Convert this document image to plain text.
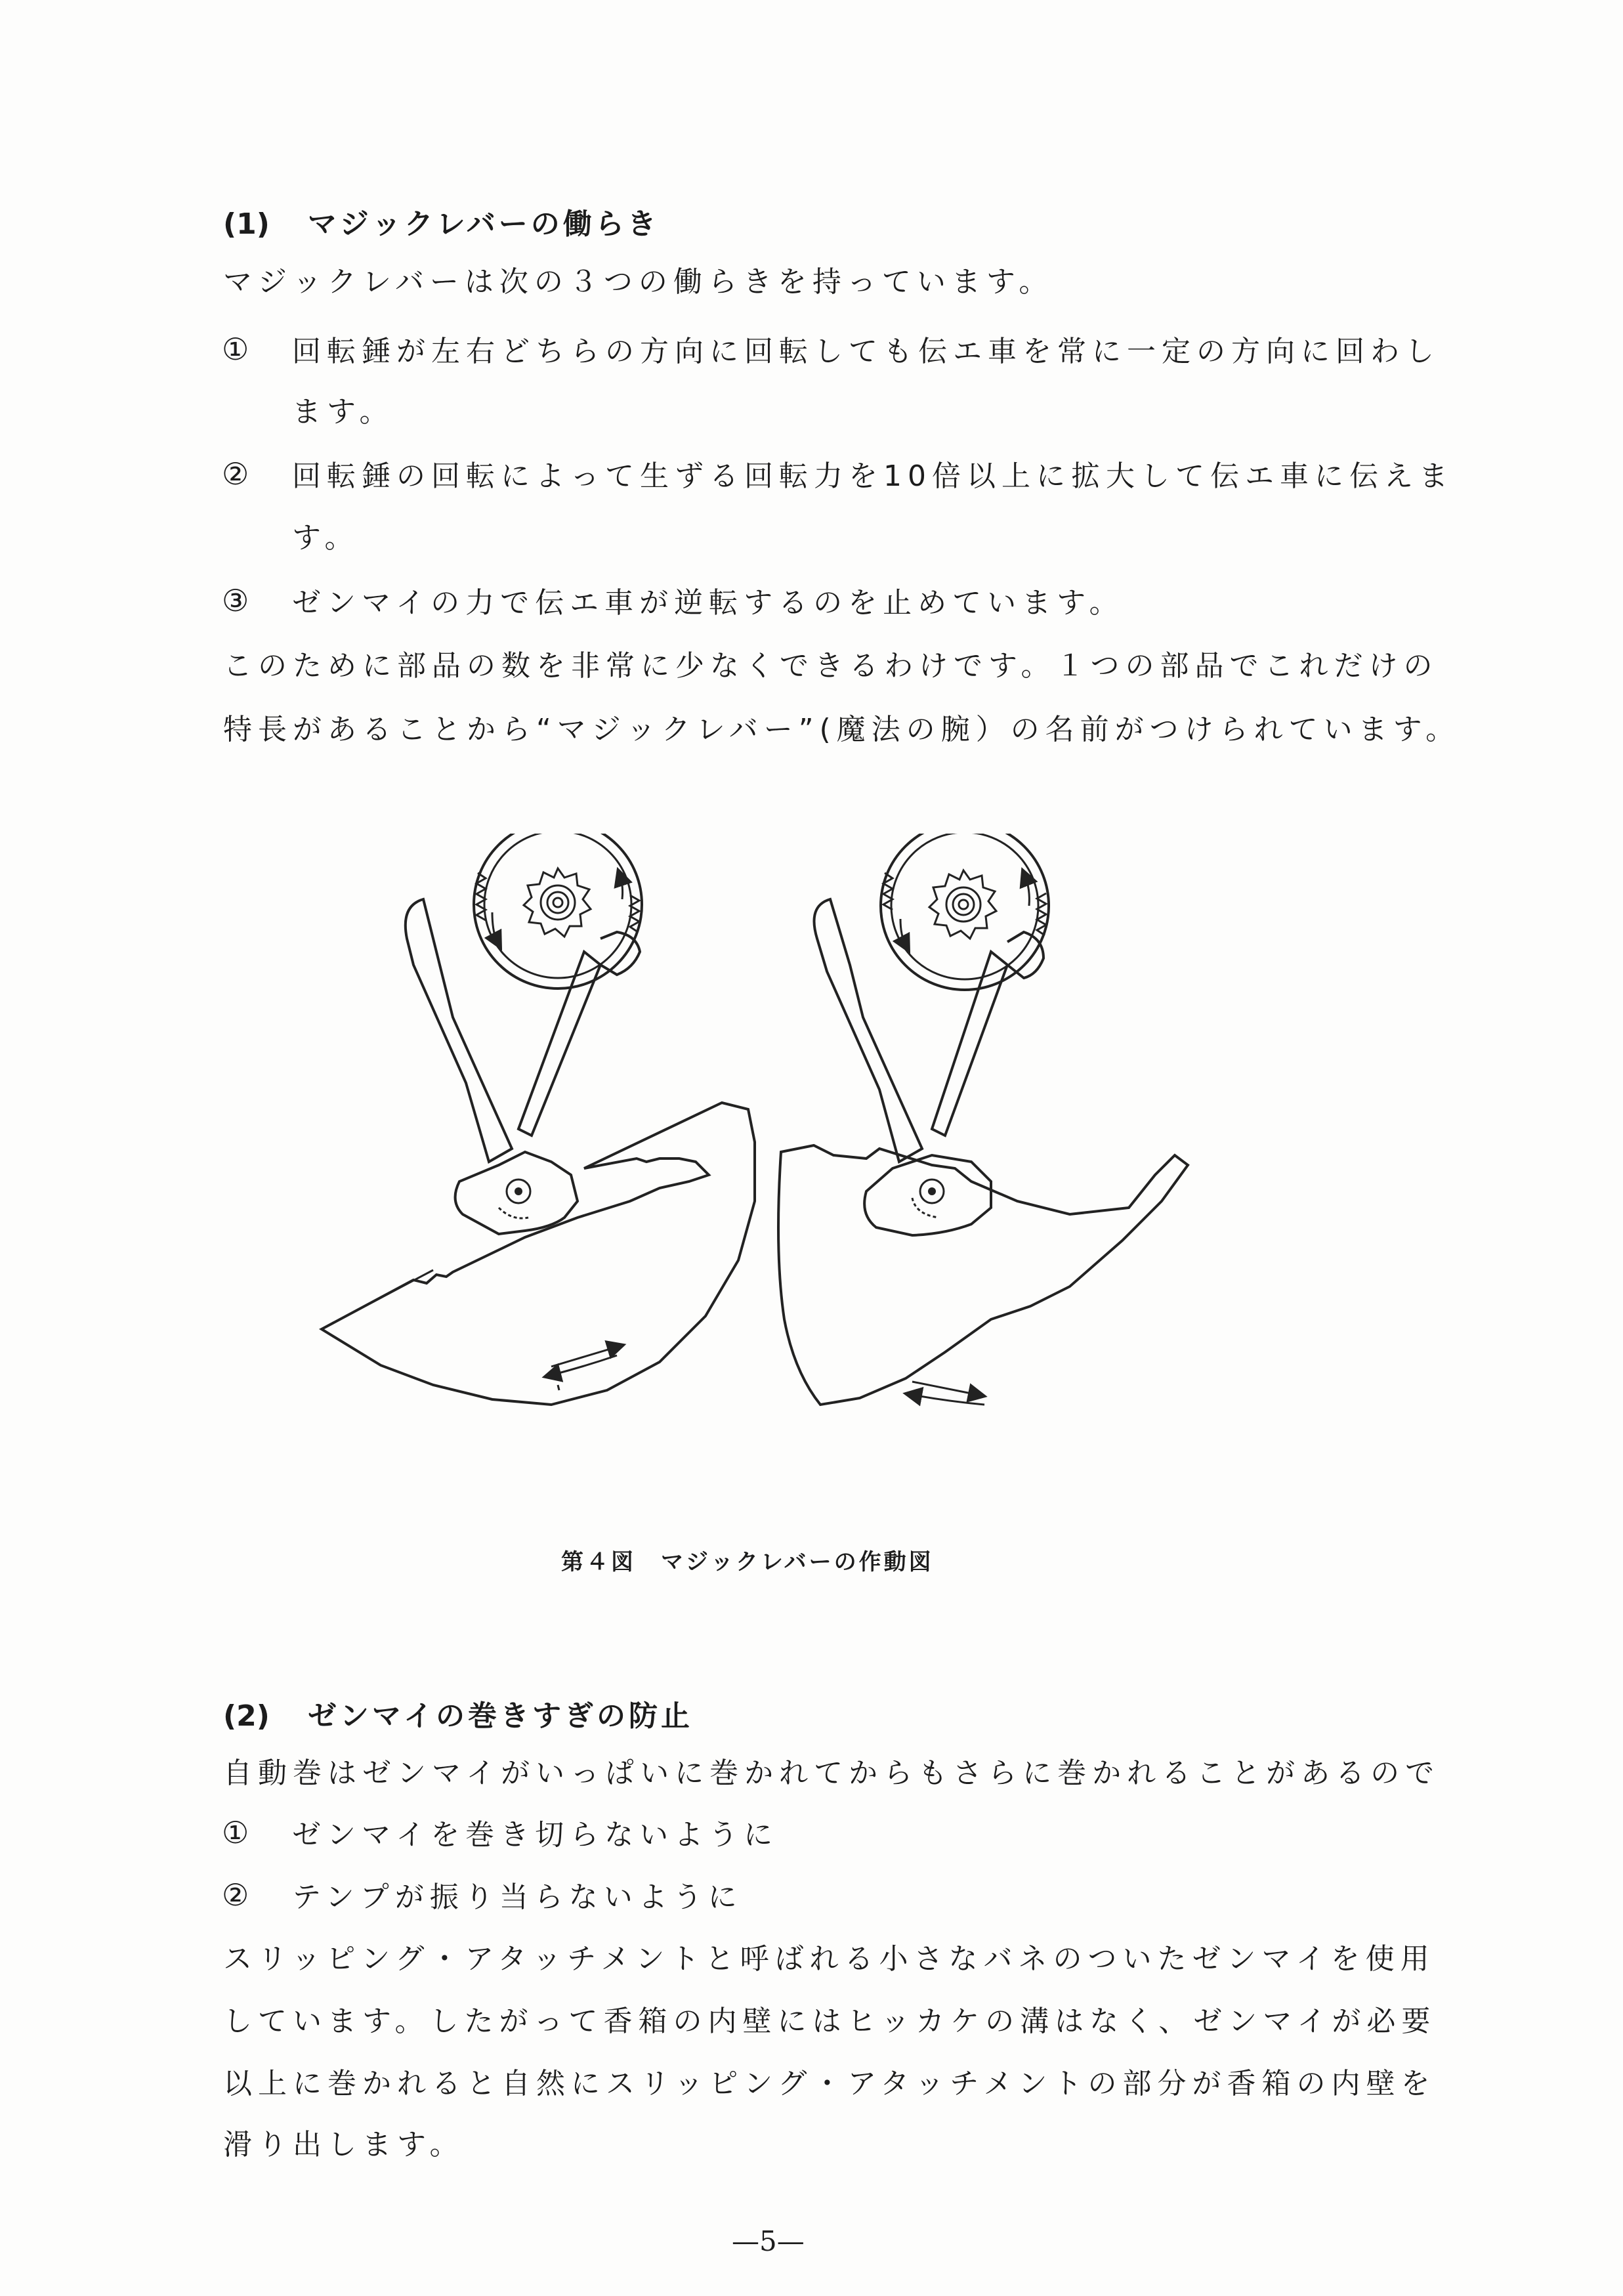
(1) マジックレバーの働らき
マジックレバーは次の３つの働らきを持っています。
① 回転錘が左右どちらの方向に回転しても伝エ車を常に一定の方向に回わし
ます。
② 回転錘の回転によって生ずる回転力を10倍以上に拡大して伝エ車に伝えま
す。
③ ゼンマイの力で伝エ車が逆転するのを止めています。
このために部品の数を非常に少なくできるわけです。１つの部品でこれだけの
特長があることから“マジックレバー”(魔法の腕）の名前がつけられています。
第４図　マジックレバーの作動図
(2) ゼンマイの巻きすぎの防止
自動巻はゼンマイがいっぱいに巻かれてからもさらに巻かれることがあるので
① ゼンマイを巻き切らないように
② テンプが振り当らないように
スリッピング・アタッチメントと呼ばれる小さなバネのついたゼンマイを使用
しています。したがって香箱の内壁にはヒッカケの溝はなく、ゼンマイが必要
以上に巻かれると自然にスリッピング・アタッチメントの部分が香箱の内壁を
滑り出します。
—5—
